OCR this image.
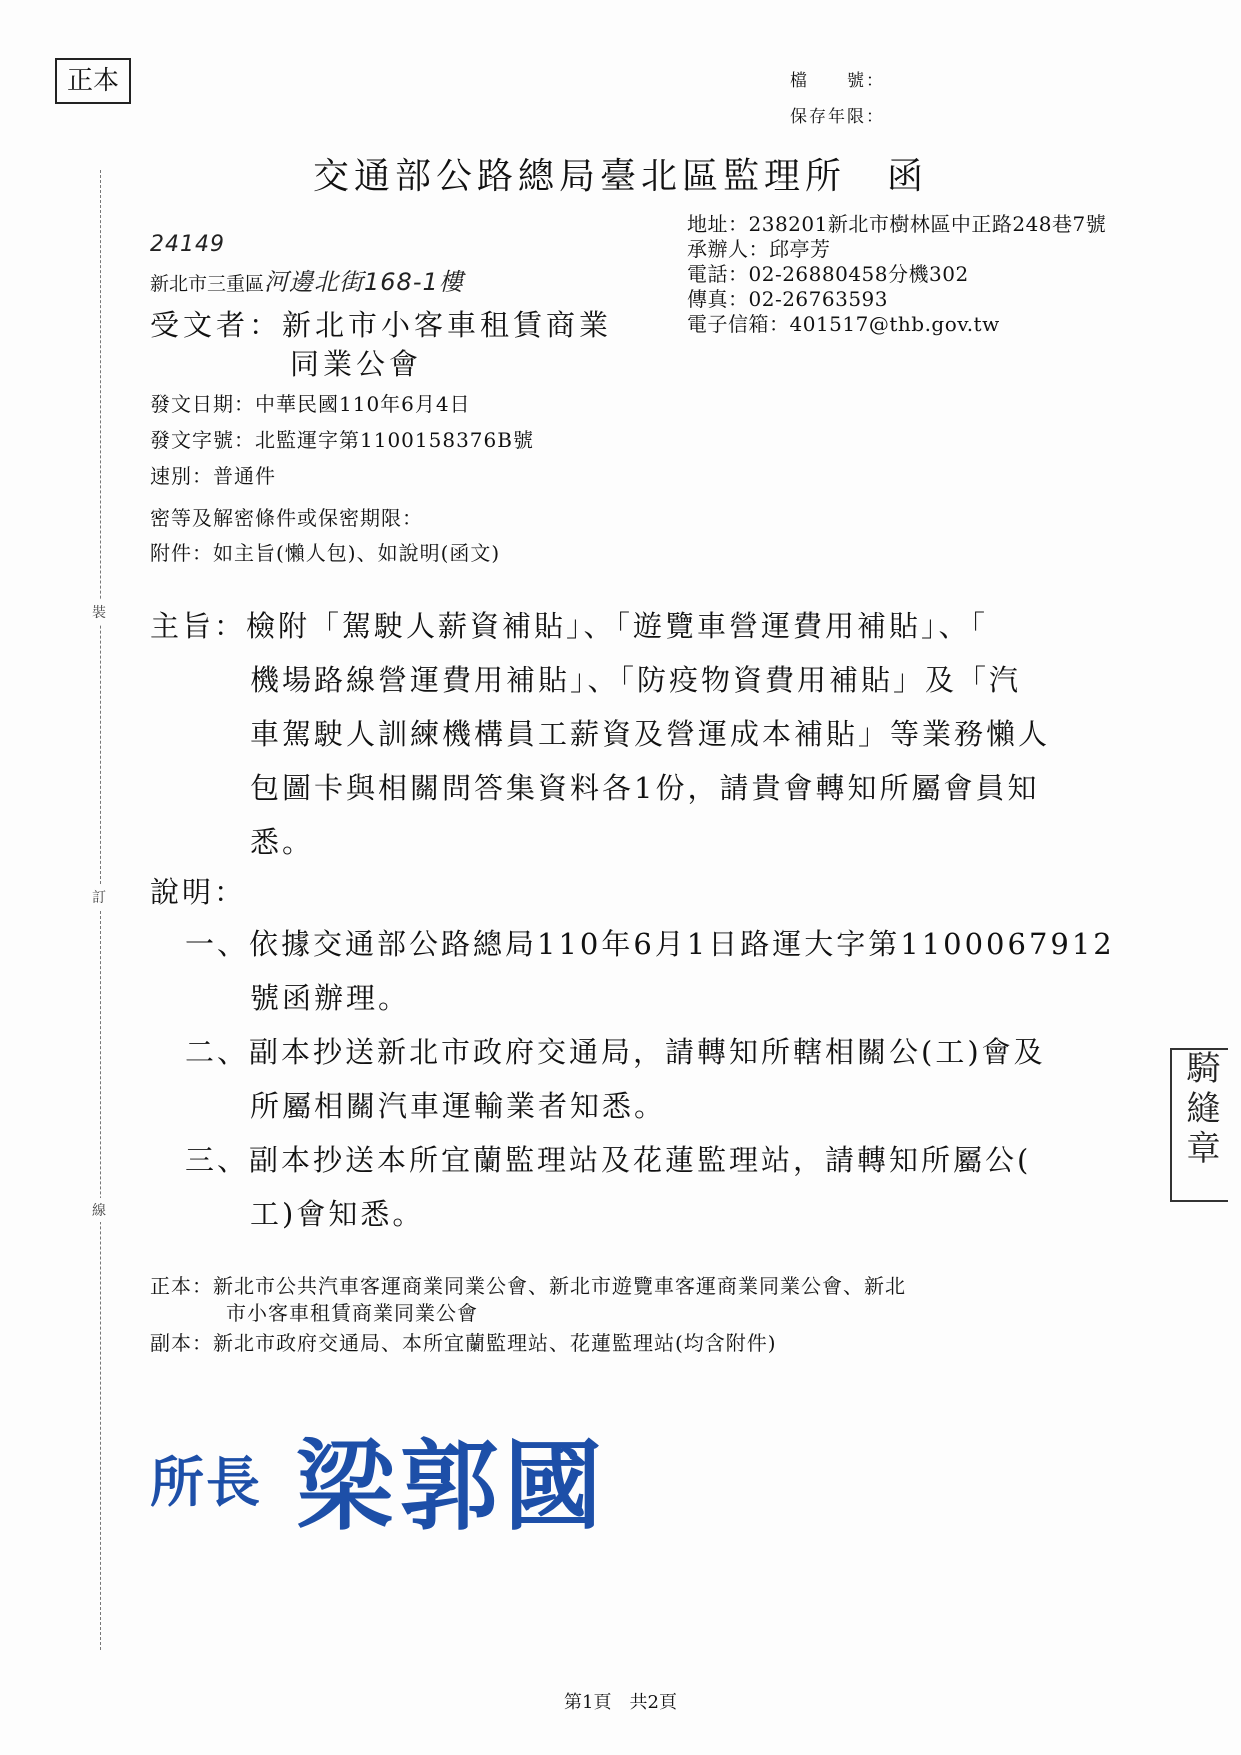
裝
訂
線
正本	檔　　號：
保存年限：
交通部公路總局臺北區監理所　函
地址：238201新北市樹林區中正路248巷7號
承辦人：邱亭芳
電話：02-26880458分機302
傳真：02-26763593
電子信箱：401517@thb.gov.tw
24149
新北市三重區河邊北街168-1樓
受文者：新北市小客車租賃商業
同業公會
發文日期：中華民國110年6月4日
發文字號：北監運字第1100158376B號
速別：普通件
密等及解密條件或保密期限：
附件：如主旨(懶人包)、如說明(函文)
主旨：檢附「駕駛人薪資補貼」、「遊覽車營運費用補貼」、「
機場路線營運費用補貼」、「防疫物資費用補貼」及「汽
車駕駛人訓練機構員工薪資及營運成本補貼」等業務懶人
包圖卡與相關問答集資料各1份，請貴會轉知所屬會員知
悉。
說明：
一、依據交通部公路總局110年6月1日路運大字第1100067912
號函辦理。
二、副本抄送新北市政府交通局，請轉知所轄相關公(工)會及
所屬相關汽車運輸業者知悉。
三、副本抄送本所宜蘭監理站及花蓮監理站，請轉知所屬公(
工)會知悉。
騎縫章
正本：新北市公共汽車客運商業同業公會、新北市遊覽車客運商業同業公會、新北
市小客車租賃商業同業公會
副本：新北市政府交通局、本所宜蘭監理站、花蓮監理站(均含附件)
所長 梁郭國
第1頁　共2頁
